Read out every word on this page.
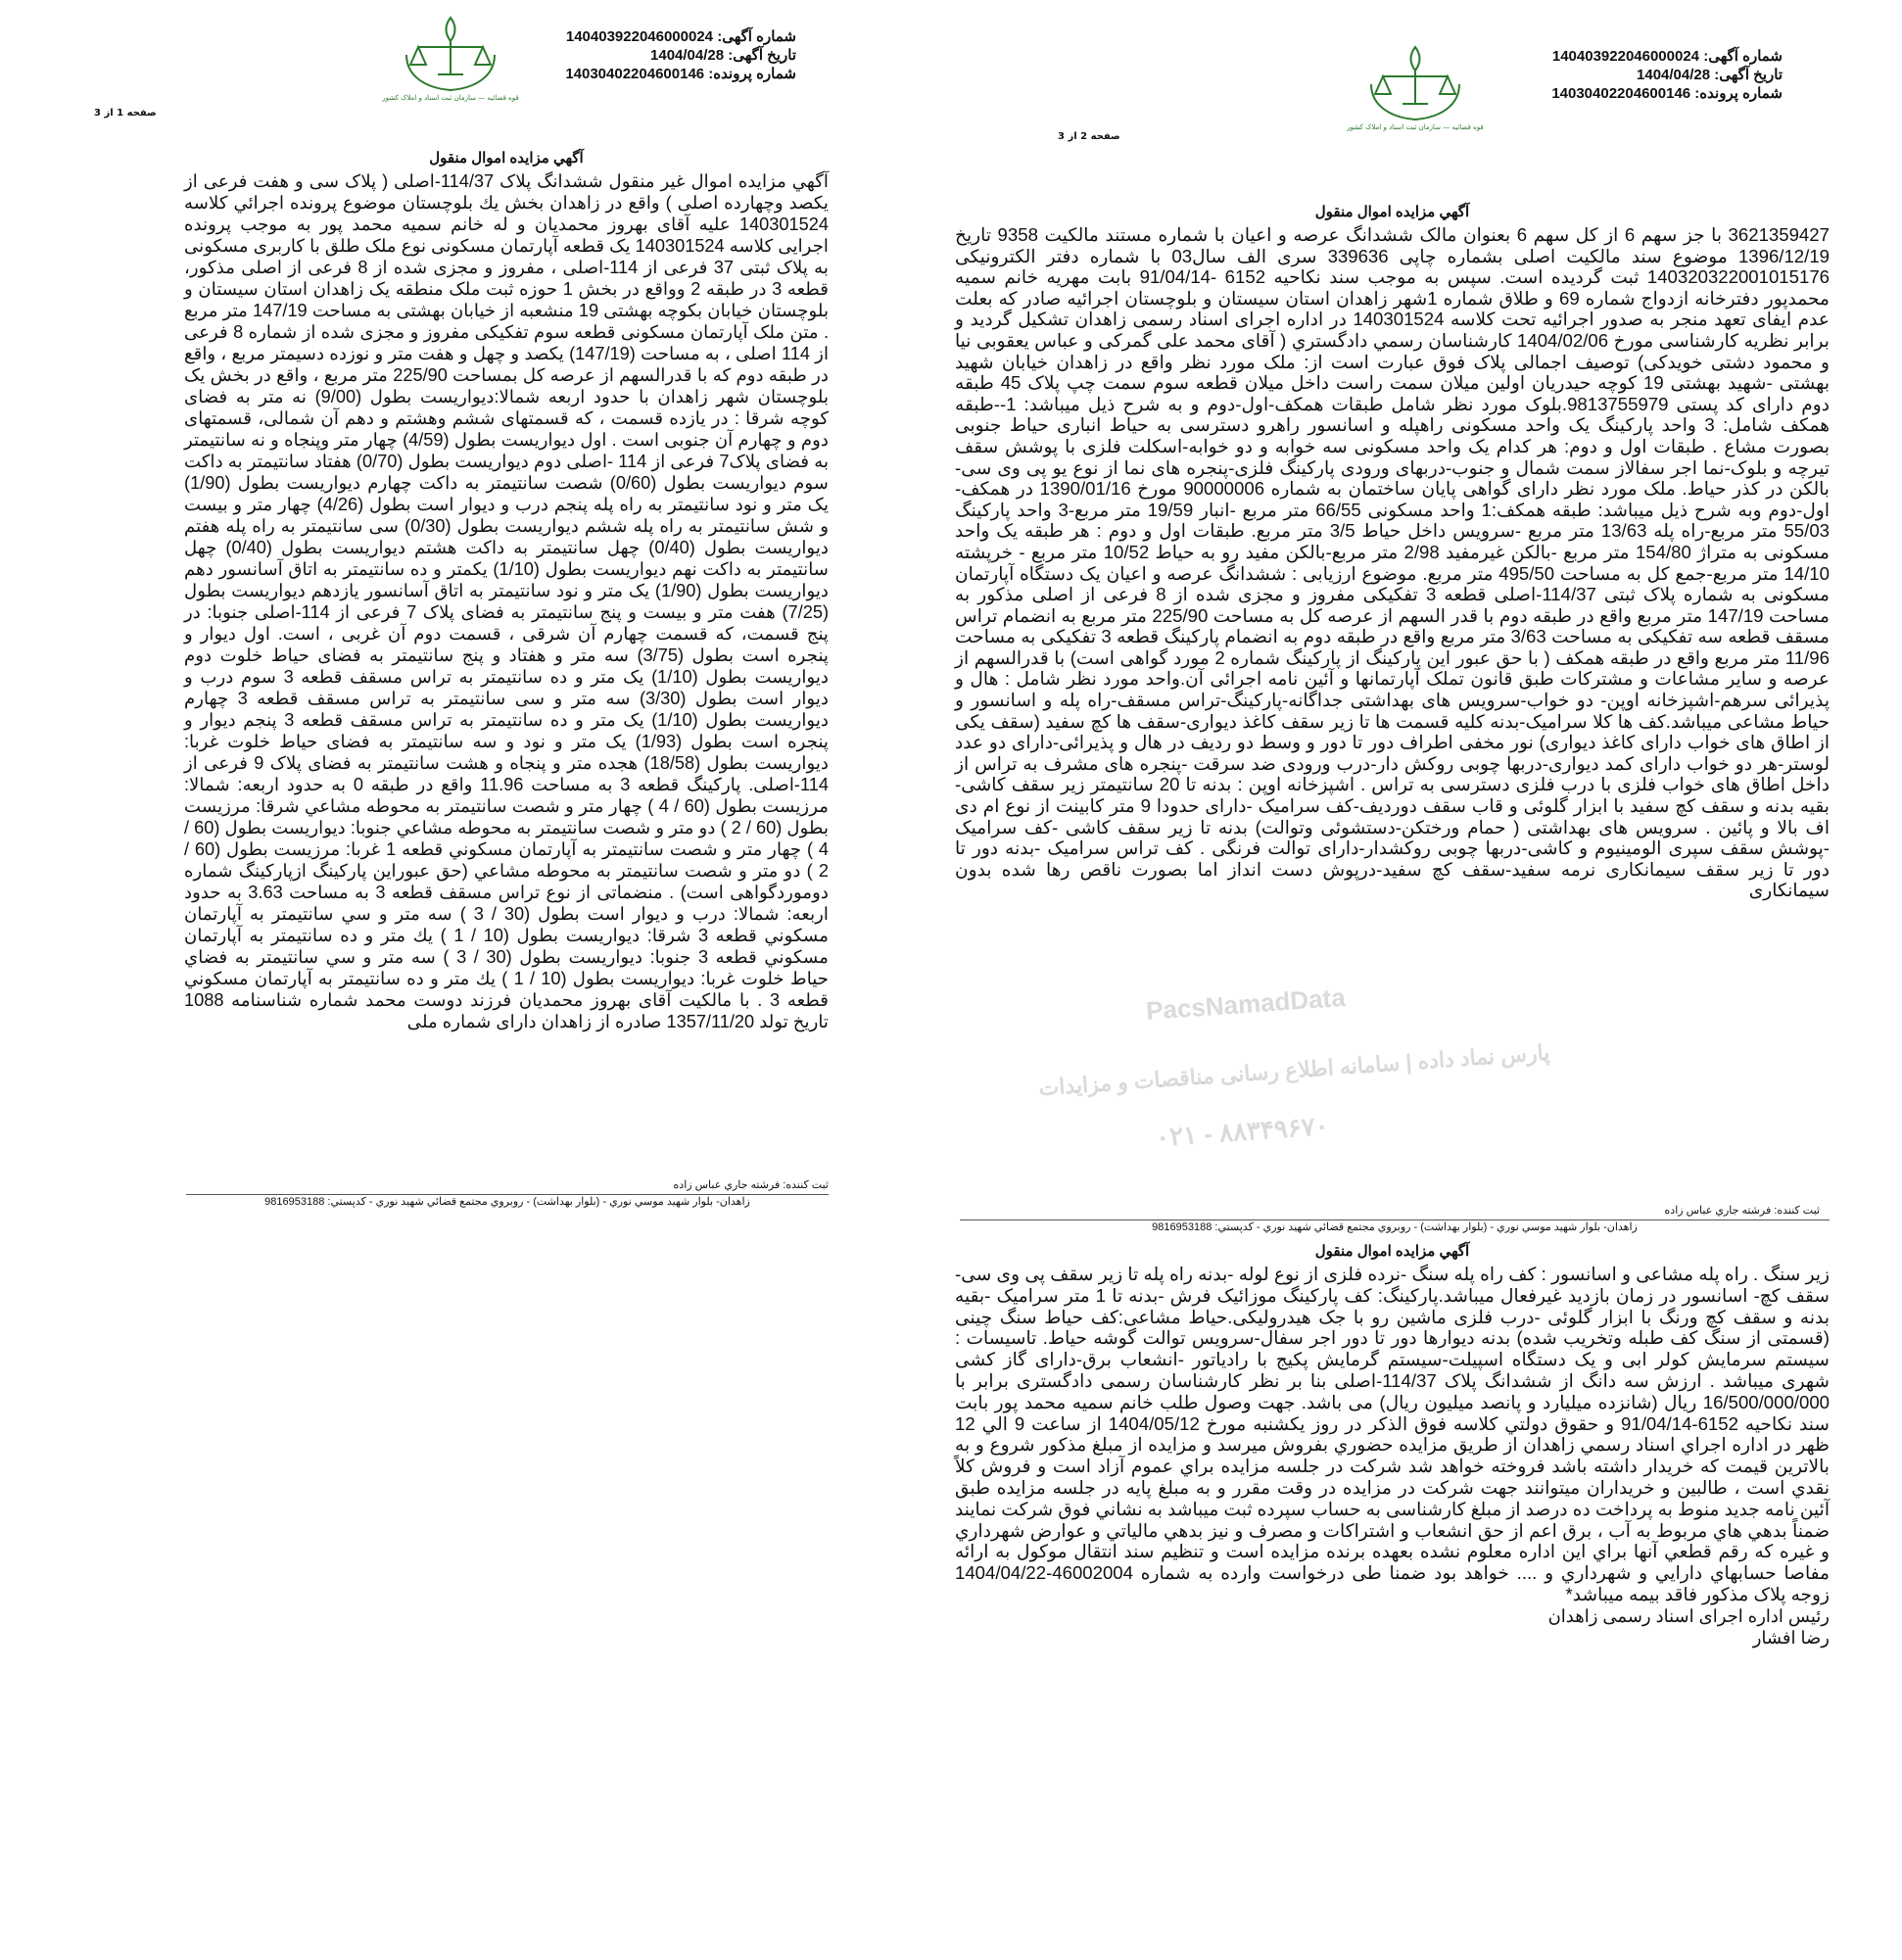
شماره آگهی: 140403922046000024
تاریخ آگهی: 1404/04/28
شماره پرونده: 14030402204600146
صفحه 1 از 3
قوه قضائيه — سازمان ثبت اسناد و املاک کشور
آگهي مزايده اموال منقول

آگهي مزايده اموال غير منقول ششدانگ پلاک 114/37-اصلی ( پلاک سی و هفت فرعی از یکصد وچهارده اصلی ) واقع در زاهدان بخش یك بلوچستان موضوع پرونده اجرائي كلاسه 140301524 علیه آقای بهروز محمدیان و له خانم سمیه محمد پور به موجب پرونده اجرایی کلاسه 140301524 یک قطعه آپارتمان مسکونی نوع ملک طلق با کاربری مسکونی به پلاک ثبتی 37 فرعی از 114-اصلی ، مفروز و مجزی شده از 8 فرعی از اصلی مذکور، قطعه 3 در طبقه 2 وواقع در بخش 1 حوزه ثبت ملک منطقه یک زاهدان استان سیستان و بلوچستان خیابان بکوچه بهشتی 19 منشعبه از خیابان بهشتی به مساحت 147/19 متر مربع . متن ملک آپارتمان مسکونی قطعه سوم تفکیکی مفروز و مجزی شده از شماره 8 فرعی از 114 اصلی ، به مساحت (147/19) یکصد و چهل و هفت متر و نوزده دسیمتر مربع ، واقع در طبقه دوم که با قدرالسهم از عرصه کل بمساحت 225/90 متر مربع ، واقع در بخش یک بلوچستان شهر زاهدان با حدود اربعه شمالا:دیواریست بطول (9/00) نه متر به فضای کوچه شرقا : در یازده قسمت ، که قسمتهای ششم وهشتم و دهم آن شمالی، قسمتهای دوم و چهارم آن جنوبی است . اول دیواریست بطول (4/59) چهار متر وپنجاه و نه سانتیمتر به فضای پلاک7 فرعی از 114 -اصلی دوم دیواریست بطول (0/70) هفتاد سانتیمتر به داکت سوم دیواریست بطول (0/60) شصت سانتیمتر به داکت چهارم دیواریست بطول (1/90) یک متر و نود سانتیمتر به راه پله پنجم درب و دیوار است بطول (4/26) چهار متر و بیست و شش سانتیمتر به راه پله ششم دیواریست بطول (0/30) سی سانتیمتر به راه پله هفتم دیواریست بطول (0/40) چهل سانتیمتر به داکت هشتم دیواریست بطول (0/40) چهل سانتیمتر به داکت نهم دیواریست بطول (1/10) یکمتر و ده سانتیمتر به اتاق آسانسور دهم دیواریست بطول (1/90) یک متر و نود سانتیمتر به اتاق آسانسور یازدهم دیواریست بطول (7/25) هفت متر و بیست و پنج سانتیمتر به فضای پلاک 7 فرعی از 114-اصلی جنوبا: در پنج قسمت، که قسمت چهارم آن شرقی ، قسمت دوم آن غربی ، است. اول دیوار و پنجره است بطول (3/75) سه متر و هفتاد و پنج سانتیمتر به فضای حیاط خلوت دوم دیواریست بطول (1/10) یک متر و ده سانتیمتر به تراس مسقف قطعه 3 سوم درب و دیوار است بطول (3/30) سه متر و سی سانتیمتر به تراس مسقف قطعه 3 چهارم دیواریست بطول (1/10) یک متر و ده سانتیمتر به تراس مسقف قطعه 3 پنجم دیوار و پنجره است بطول (1/93) یک متر و نود و سه سانتیمتر به فضای حیاط خلوت غربا: دیواریست بطول (18/58) هجده متر و پنجاه و هشت سانتیمتر به فضای پلاک 9 فرعی از 114-اصلی. پارکینگ قطعه 3 به مساحت 11.96 واقع در طبقه 0 به حدود اربعه: شمالا: مرزيست بطول (60 / 4 ) چهار متر و شصت سانتيمتر به محوطه مشاعي شرقا: مرزيست بطول (60 / 2 ) دو متر و شصت سانتيمتر به محوطه مشاعي جنوبا: ديواريست بطول (60 / 4 ) چهار متر و شصت سانتيمتر به آپارتمان مسكوني قطعه 1 غربا: مرزيست بطول (60 / 2 ) دو متر و شصت سانتيمتر به محوطه مشاعي (حق عبوراين پاركينگ ازپاركينگ شماره دوموردگواهی است) . منضماتی از نوع تراس مسقف قطعه 3 به مساحت 3.63 به حدود اربعه: شمالا: درب و ديوار است بطول (30 / 3 ) سه متر و سي سانتيمتر به آپارتمان مسكوني قطعه 3 شرقا: ديواريست بطول (10 / 1 ) يك متر و ده سانتيمتر به آپارتمان مسكوني قطعه 3 جنوبا: ديواريست بطول (30 / 3 ) سه متر و سي سانتيمتر به فضاي حياط خلوت غربا: ديواريست بطول (10 / 1 ) يك متر و ده سانتيمتر به آپارتمان مسكوني قطعه 3 . با مالکیت آقای بهروز محمدیان فرزند دوست محمد شماره شناسنامه 1088 تاریخ تولد 1357/11/20 صادره از زاهدان دارای شماره ملی

ثبت کننده: فرشته جاري عباس زاده
زاهدان- بلوار شهيد موسي نوري - (بلوار بهداشت) - روبروي مجتمع قضائي شهيد نوري - کدپستي: 9816953188
شماره آگهی: 140403922046000024
تاریخ آگهی: 1404/04/28
شماره پرونده: 14030402204600146
صفحه 2 از 3
قوه قضائيه — سازمان ثبت اسناد و املاک کشور
آگهي مزايده اموال منقول

3621359427 با جز سهم 6 از کل سهم 6 بعنوان مالک ششدانگ عرصه و اعیان با شماره مستند مالکیت 9358 تاریخ 1396/12/19 موضوع سند مالکیت اصلی بشماره چاپی 339636 سری الف سال03 با شماره دفتر الکترونیکی 140320322001015176 ثبت گردیده است. سپس به موجب سند نکاحیه 6152 -91/04/14 بابت مهریه خانم سمیه محمدپور دفترخانه ازدواج شماره 69 و طلاق شماره 1شهر زاهدان استان سیستان و بلوچستان اجرائیه صادر که بعلت عدم ایفای تعهد منجر به صدور اجرائیه تحت کلاسه 140301524 در اداره اجرای اسناد رسمی زاهدان تشکیل گردید و برابر نظریه کارشناسی مورخ 1404/02/06 کارشناسان رسمي دادگستري ( آقای محمد علی گمرکی و عباس یعقوبی نیا و محمود دشتی خویدکی) توصیف اجمالی پلاک فوق عبارت است از: ملک مورد نظر واقع در زاهدان خیابان شهید بهشتی -شهید بهشتی 19 کوچه حیدریان اولین میلان سمت راست داخل میلان قطعه سوم سمت چپ پلاک 45 طبقه دوم دارای کد پستی 9813755979.بلوک مورد نظر شامل طبقات همکف-اول-دوم و به شرح ذیل میباشد: 1--طبقه همکف شامل: 3 واحد پارکینگ یک واحد مسکونی راهپله و اسانسور راهرو دسترسی به حیاط انباری حیاط جنوبی بصورت مشاع . طبقات اول و دوم: هر کدام یک واحد مسکونی سه خوابه و دو خوابه-اسکلت فلزی با پوشش سقف تیرچه و بلوک-نما اجر سفالاز سمت شمال و جنوب-دربهای ورودی پارکینگ فلزی-پنجره های نما از نوع یو پی وی سی-بالکن در کذر حیاط. ملک مورد نظر دارای گواهی پایان ساختمان به شماره 90000006 مورخ 1390/01/16 در همکف-اول-دوم وبه شرح ذیل میباشد: طبقه همکف:1 واحد مسکونی 66/55 متر مربع -انبار 19/59 متر مربع-3 واحد پارکینگ 55/03 متر مربع-راه پله 13/63 متر مربع -سرویس داخل حیاط 3/5 متر مربع. طبقات اول و دوم : هر طبقه یک واحد مسکونی به متراژ 154/80 متر مربع -بالکن غیرمفید 2/98 متر مربع-بالکن مفید رو به حیاط 10/52 متر مربع - خرپشته 14/10 متر مربع-جمع کل به مساحت 495/50 متر مربع. موضوع ارزیابی : ششدانگ عرصه و اعیان یک دستگاه آپارتمان مسکونی به شماره پلاک ثبتی 114/37-اصلی قطعه 3 تفکیکی مفروز و مجزی شده از 8 فرعی از اصلی مذکور به مساحت 147/19 متر مربع واقع در طبقه دوم با قدر السهم از عرصه کل به مساحت 225/90 متر مربع به انضمام تراس مسقف قطعه سه تفکیکی به مساحت 3/63 متر مربع واقع در طبقه دوم به انضمام پارکینگ قطعه 3 تفکیکی به مساحت 11/96 متر مربع واقع در طبقه همکف ( با حق عبور این پارکینگ از پارکینگ شماره 2 مورد گواهی است) با قدرالسهم از عرصه و سایر مشاعات و مشترکات طبق قانون تملک آپارتمانها و آئین نامه اجرائی آن.واحد مورد نظر شامل : هال و پذیرائی سرهم-اشپزخانه اوپن- دو خواب-سرویس های بهداشتی جداگانه-پارکینگ-تراس مسقف-راه پله و اسانسور و حیاط مشاعی میباشد.کف ها کلا سرامیک-بدنه کلیه قسمت ها تا زیر سقف کاغذ دیواری-سقف ها کچ سفید (سقف یکی از اطاق های خواب دارای کاغذ دیواری) نور مخفی اطراف دور تا دور و وسط دو ردیف در هال و پذیرائی-دارای دو عدد لوستر-هر دو خواب دارای کمد دیواری-دربها چوبی روکش دار-درب ورودی ضد سرقت -پنجره های مشرف به تراس از داخل اطاق های خواب فلزی با درب فلزی دسترسی به تراس . اشپزخانه اوپن : بدنه تا 20 سانتیمتر زیر سقف کاشی-بقیه بدنه و سقف کچ سفید با ابزار گلوئی و قاب سقف دوردیف-کف سرامیک -دارای حدودا 9 متر کابینت از نوع ام دی اف بالا و پائین . سرویس های بهداشتی ( حمام ورختکن-دستشوئی وتوالت) بدنه تا زیر سقف کاشی -کف سرامیک -پوشش سقف سپری الومینیوم و کاشی-دربها چوبی روکشدار-دارای توالت فرنگی . کف تراس سرامیک -بدنه دور تا دور تا زیر سقف سیمانکاری نرمه سفید-سقف کچ سفید-درپوش دست انداز اما بصورت ناقص رها شده بدون سیمانکاری

ثبت کننده: فرشته جاري عباس زاده
زاهدان- بلوار شهيد موسي نوري - (بلوار بهداشت) - روبروي مجتمع قضائي شهيد نوري - کدپستي: 9816953188
آگهي مزايده اموال منقول

زیر سنگ . راه پله مشاعی و اسانسور : کف راه پله سنگ -نرده فلزی از نوع لوله -بدنه راه پله تا زیر سقف پی وی سی-سقف کچ- اسانسور در زمان بازدید غیرفعال میباشد.پارکینگ: کف پارکینگ موزائیک فرش -بدنه تا 1 متر سرامیک -بقیه بدنه و سقف کچ ورنگ با ابزار گلوئی -درب فلزی ماشین رو با جک هیدرولیکی.حیاط مشاعی:کف حیاط سنگ چینی (قسمتی از سنگ کف طبله وتخریب شده) بدنه دیوارها دور تا دور اجر سفال-سرویس توالت گوشه حیاط. تاسیسات : سیستم سرمایش کولر ابی و یک دستگاه اسپیلت-سیستم گرمایش پکیج با رادیاتور -انشعاب برق-دارای گاز کشی شهری میباشد . ارزش سه دانگ از ششدانگ پلاک 114/37-اصلی بنا بر نظر کارشناسان رسمی دادگستری برابر با 16/500/000/000 ریال (شانزده میلیارد و پانصد میلیون ریال) می باشد. جهت وصول طلب خانم سمیه محمد پور بابت سند نکاحیه 6152-91/04/14 و حقوق دولتي كلاسه فوق الذكر در روز يكشنبه مورخ 1404/05/12 از ساعت 9 الي 12 ظهر در اداره اجراي اسناد رسمي زاهدان از طريق مزايده حضوري بفروش ميرسد و مزايده از مبلغ مذكور شروع و به بالاترين قيمت كه خريدار داشته باشد فروخته خواهد شد شركت در جلسه مزايده براي عموم آزاد است و فروش كلاً نقدي است ، طالبین و خريداران ميتوانند جهت شرکت در مزایده در وقت مقرر و به مبلغ پایه در جلسه مزایده طبق آئین نامه جدید منوط به پرداخت ده درصد از مبلغ کارشناسی به حساب سپرده ثبت میباشد به نشاني فوق شركت نمايند ضمناً بدهي هاي مربوط به آب ، برق اعم از حق انشعاب و اشتراكات و مصرف و نيز بدهي مالياتي و عوارض شهرداري و غيره كه رقم قطعي آنها براي اين اداره معلوم نشده بعهده برنده مزايده است و تنظيم سند انتقال موكول به ارائه مفاصا حسابهاي دارايي و شهرداري و .... خواهد بود ضمنا طی درخواست وارده به شماره 46002004-1404/04/22 زوجه پلاک مذکور فاقد بیمه میباشد*

رئیس اداره اجرای اسناد رسمی زاهدان

رضا افشار

PacsNamadData
پارس نماد داده | سامانه اطلاع رسانی مناقصات و مزایدات
۰۲۱ - ۸۸۳۴۹۶۷۰
